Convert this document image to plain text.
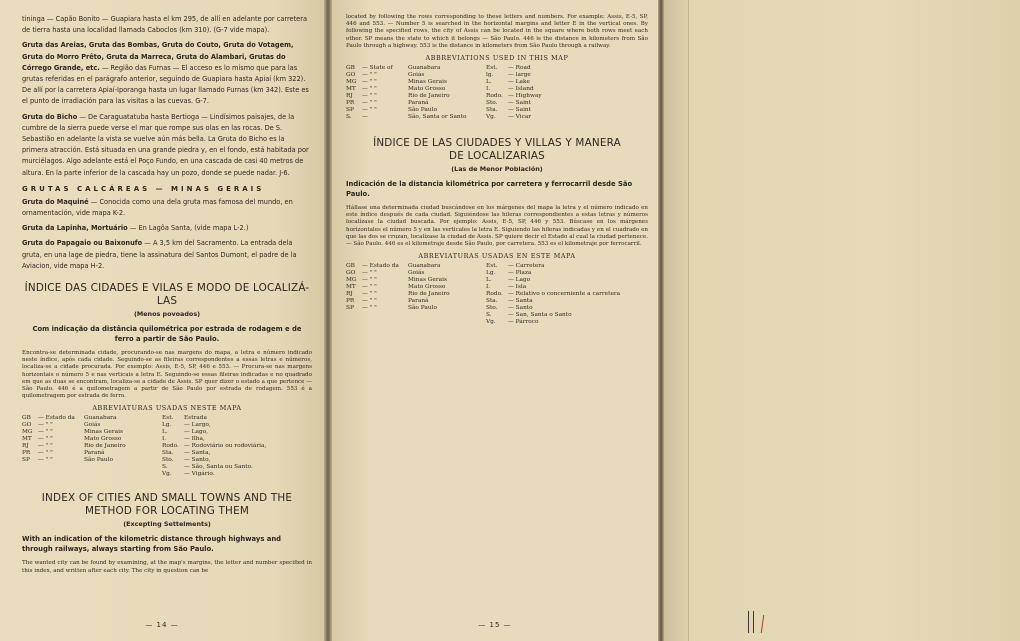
tininga — Capão Bonito — Guapiara hasta el km 295, de allí en adelante por carretera de tierra hasta una localidad llamada Caboclos (km 310). (G-7 vide mapa).

Gruta das Areias, Gruta das Bombas, Gruta do Couto, Gruta do Votagem, Gruta do Morro Prêto, Gruta da Marreca, Gruta do Alambari, Grutas do Córrego Grande, etc. — Região das Furnas — El acceso es lo mismo que para las grutas referidas en el parágrafo anterior, seguindo de Guapiara hasta Apiaí (km 322). De allí por la carretera Apiaí-Iporanga hasta un lugar llamado Furnas (km 342). Este es el punto de irradiación para las visitas a las cuevas. G-7.

Gruta do Bicho — De Caraguatatuba hasta Bertioga — Lindísimos paisajes, de la cumbre de la sierra puede verse el mar que rompe sus olas en las rocas. De S. Sebastião en adelante la vista se vuelve aún más bella. La Gruta do Bicho es la primera atracción. Está situada en una grande piedra y, en el fondo, está habitada por murciélagos. Algo adelante está el Poço Fundo, en una cascada de casi 40 metros de altura. En la parte inferior de la cascada hay un pozo, donde se puede nadar. J-6.

GRUTAS CALCÁREAS — MINAS GERAIS

Gruta do Maquiné — Conocida como una dela gruta mas famosa del mundo, en ornamentación, vide mapa K-2.

Gruta da Lapinha, Mortuário — En Lagôa Santa, (vide mapa L-2.)

Gruta do Papagaio ou Baixonufo — A 3,5 km del Sacramento. La entrada dela gruta, en una lage de piedra, tiene la assinatura del Santos Dumont, el padre de la Aviacion, vide mapa H-2.

ÍNDICE DAS CIDADES E VILAS E MODO DE LOCALIZÁ-LAS
(Menos povoados)
Com indicação da distância quilométrica por estrada de rodagem e de ferro a partir de São Paulo.

Encontra-se determinada cidade, procurando-se nas margens do mapa, a letra e número indicado neste índice, após cada cidade. Seguindo-se as fileiras correspondentes a essas letras e números, localiza-se a cidade procurada. Por exemplo: Assis, E-5, SP, 446 e 553. — Procura-se nas margens horizontais o número 5 e nas verticais a letra E. Seguindo-se essas fileiras indicadas e no quadrado em que as duas se encontram, localiza-se a cidade de Assis. SP quer dizer o estado a que pertence — São Paulo. 446 é a quilometragem a partir de São Paulo por estrada de rodagem. 553 é a quilometragem por estrada de ferro.

ABREVIATURAS USADAS NESTE MAPA
GB	— Estado da	Guanabara
GO	— " "	Goiás
MG — " "	Minas Gerais
MT	— " "	Mato Grosso
RJ	— " "	Rio de Janeiro
PR	— " "	Paraná
SP	— " "	São Paulo
Est.	Estrada
Lg.	— Largo,
L.	— Lago,
I.	— Ilha,
Rodo. — Rodoviário ou rodoviária,
Sta.	— Santa,
Sto.	— Santo,
S.	— São, Santa ou Santo.
Vg.	— Vigário.
INDEX OF CITIES AND SMALL TOWNS AND THE METHOD FOR LOCATING THEM
(Excepting Settelments)
With an indication of the kilometric distance through highways and through railways, always starting from São Paulo.

The wanted city can be found by examining, at the map's margins, the letter and number specified in this index, and written after each city. The city in question can be

— 14 —

located by following the rows corresponding to these letters and numbers. For example: Assis, E-5, SP, 446 and 553. — Number 5 is searched in the horizontal margins and letter E in the vertical ones. By following the specified rows, the city of Assis can be located in the square where both rows meet each other. SP means the state to which it belongs — São Paulo. 446 is the distance in kilometers from São Paulo through a highway. 553 is the distance in kilometers from São Paulo through a railway.

ABBREVIATIONS USED IN THIS MAP
GB	— State of	Guanabara
GO	— " "	Goiás
MG — " "	Minas Gerais
MT	— " "	Mato Grosso
RJ	— " "	Rio de Janeiro
PR	— " "	Paraná
SP	— " "	São Paulo
S.	—	São, Santa or Santo
Est.	— Road
lg.	— large
L.	— Lake
I.	— Island
Rodo. — Highway
Sto.	— Saint
Sta.	— Saint
Vg.	— Vicar
ÍNDICE DE LAS CIUDADES Y VILLAS Y MANERA DE LOCALIZARIAS
(Las de Menor Población)
Indicación de la distancia kilométrica por carretera y ferrocarril desde São Paulo.

Hállase una determinada ciudad buscándose en los márgenes del mapa la letra y el número indicado en este índice después de cada ciudad. Siguiéndose las hileras correspondientes a estas letras y números localízase la ciudad buscada. Por ejemplo: Assis, E-5, SP, 446 y 553. Búscase en los márgenes horizontales el número 5 y en las verticales la letra E. Siguiendo las hileras indicadas y en el cuadrado en que las dos se cruzan, localízase la ciudad de Assis. SP quiere decir el Estado al cual la ciudad pertenece. — São Paulo. 446 es el kilometraje desde São Paulo, por carretera. 553 es el kilometraje por ferrocarril.

ABREVIATURAS USADAS EN ESTE MAPA
GB	— Estado da	Guanabara
GO	— " "	Goiás
MG — " "	Minas Gerais
MT	— " "	Mato Grosso
RJ	— " "	Rio de Janeiro
PR	— " "	Paraná
SP	— " "	São Paulo
Est.	— Carretera
Lg.	— Plaza
L.	— Lago
I.	— Isla
Rodo. — Relativo o concerniente a carretera
Sta.	— Santa
Sto.	— Santo
S.	— San, Santa o Santo
Vg.	— Párroco
— 15 —
